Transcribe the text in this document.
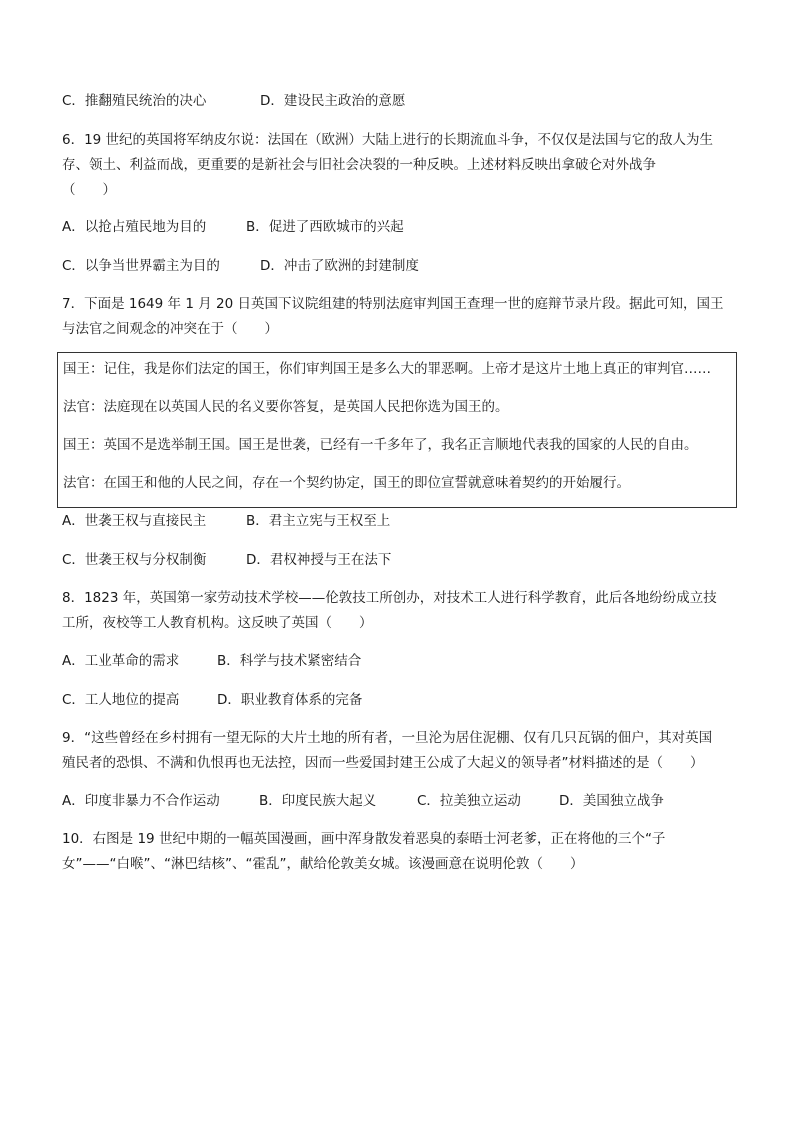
C．推翻殖民统治的决心	D．建设民主政治的意愿
6．19 世纪的英国将军纳皮尔说：法国在（欧洲）大陆上进行的长期流血斗争，不仅仅是法国与它的敌人为生
存、领土、利益而战，更重要的是新社会与旧社会决裂的一种反映。上述材料反映出拿破仑对外战争
（　　）
A．以抢占殖民地为目的	B．促进了西欧城市的兴起
C．以争当世界霸主为目的	D．冲击了欧洲的封建制度
7．下面是 1649 年 1 月 20 日英国下议院组建的特别法庭审判国王查理一世的庭辩节录片段。据此可知，国王
与法官之间观念的冲突在于（　　）
国王：记住，我是你们法定的国王，你们审判国王是多么大的罪恶啊。上帝才是这片土地上真正的审判官……
法官：法庭现在以英国人民的名义要你答复，是英国人民把你选为国王的。
国王：英国不是选举制王国。国王是世袭，已经有一千多年了，我名正言顺地代表我的国家的人民的自由。
法官：在国王和他的人民之间，存在一个契约协定，国王的即位宣誓就意味着契约的开始履行。
A．世袭王权与直接民主	B．君主立宪与王权至上
C．世袭王权与分权制衡	D．君权神授与王在法下
8．1823 年，英国第一家劳动技术学校——伦敦技工所创办，对技术工人进行科学教育，此后各地纷纷成立技
工所，夜校等工人教育机构。这反映了英国（　　）
A．工业革命的需求	B．科学与技术紧密结合
C．工人地位的提高	D．职业教育体系的完备
9．“这些曾经在乡村拥有一望无际的大片土地的所有者，一旦沦为居住泥棚、仅有几只瓦锅的佃户，其对英国
殖民者的恐惧、不满和仇恨再也无法控，因而一些爱国封建王公成了大起义的领导者”材料描述的是（　　）
A．印度非暴力不合作运动	B．印度民族大起义	C．拉美独立运动	D．美国独立战争
10．右图是 19 世纪中期的一幅英国漫画，画中浑身散发着恶臭的泰晤士河老爹，正在将他的三个“子
女”——“白喉”、“淋巴结核”、“霍乱”，献给伦敦美女城。该漫画意在说明伦敦（　　）
